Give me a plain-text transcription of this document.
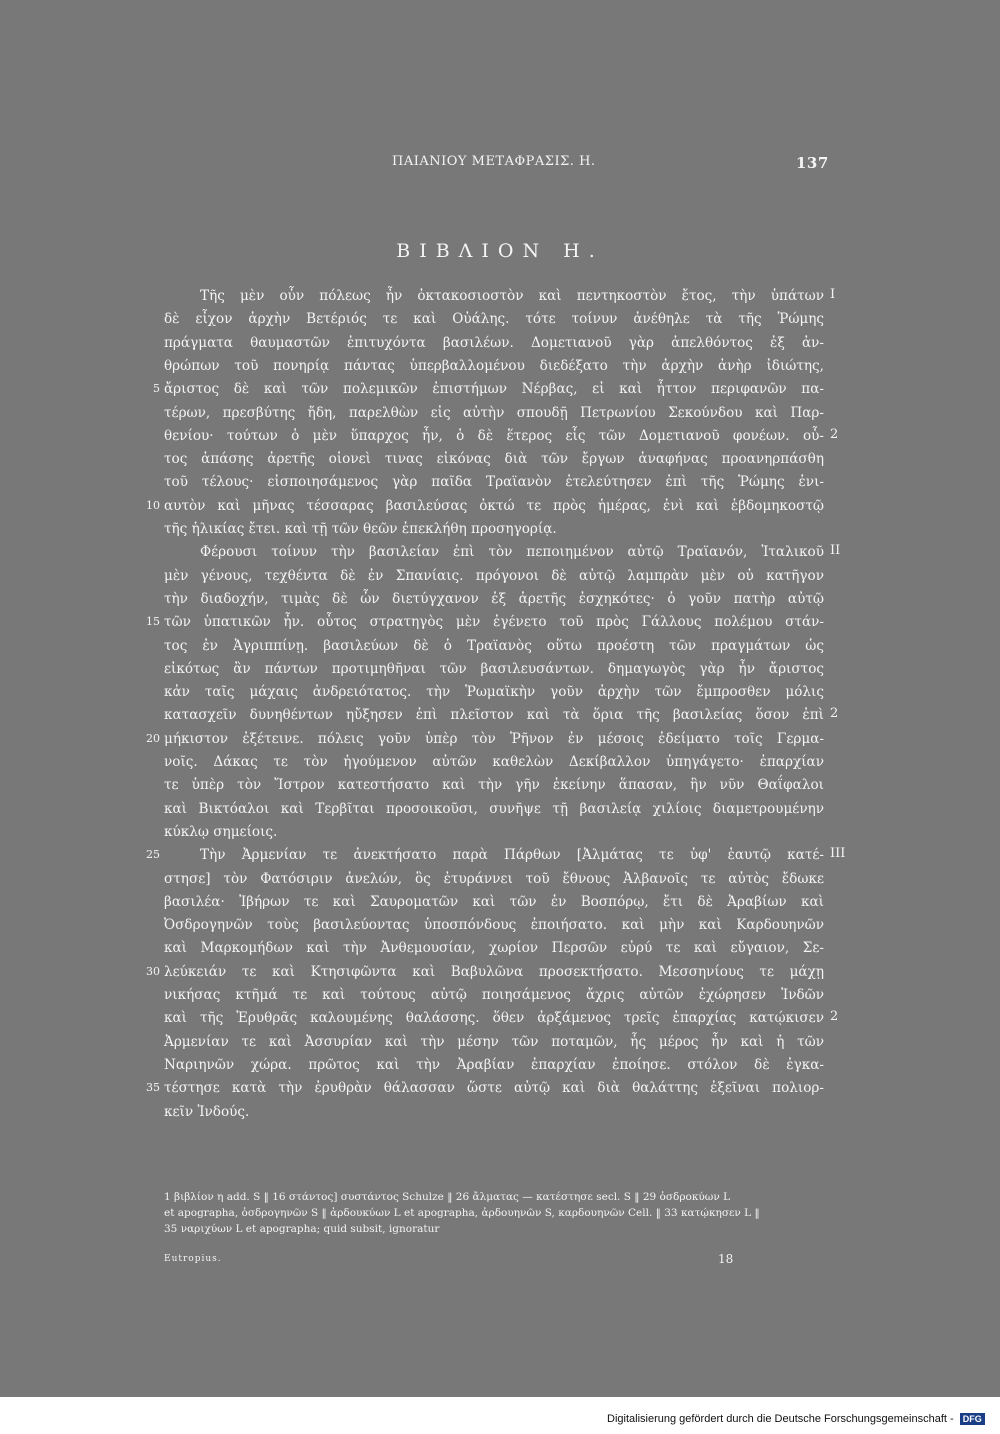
ΠΑΙΑΝΙΟΥ ΜΕΤΑΦΡΑΣΙΣ. Η.	137
ΒΙΒΛΙΟΝ Η.
Τῆς μὲν οὖν πόλεως ἦν ὀκτακοσιοστὸν καὶ πεντηκοστὸν ἔτος, τὴν ὑπάτων
δὲ εἶχον ἀρχὴν Βετέριός τε καὶ Οὐάλης. τότε τοίνυν ἀνέθηλε τὰ τῆς Ῥώμης
πράγματα θαυμαστῶν ἐπιτυχόντα βασιλέων. Δομετιανοῦ γὰρ ἀπελθόντος ἐξ ἀν-
θρώπων τοῦ πονηρίᾳ πάντας ὑπερβαλλομένου διεδέξατο τὴν ἀρχὴν ἀνὴρ ἰδιώτης,
ἄριστος δὲ καὶ τῶν πολεμικῶν ἐπιστήμων Νέρβας, εἰ καὶ ἧττον περιφανῶν πα-
τέρων, πρεσβύτης ἤδη, παρελθὼν εἰς αὐτὴν σπουδῇ Πετρωνίου Σεκούνδου καὶ Παρ-
θενίου· τούτων ὁ μὲν ὕπαρχος ἦν, ὁ δὲ ἕτερος εἷς τῶν Δομετιανοῦ φονέων. οὗ-
τος ἁπάσης ἀρετῆς οἱονεὶ τινας εἰκόνας διὰ τῶν ἔργων ἀναφήνας προανηρπάσθη
τοῦ τέλους· εἰσποιησάμενος γὰρ παῖδα Τραϊανὸν ἐτελεύτησεν ἐπὶ τῆς Ῥώμης ἐνι-
αυτὸν καὶ μῆνας τέσσαρας βασιλεύσας ὀκτώ τε πρὸς ἡμέρας, ἐνὶ καὶ ἑβδομηκοστῷ
τῆς ἡλικίας ἔτει. καὶ τῇ τῶν θεῶν ἐπεκλήθη προσηγορίᾳ.
Φέρουσι τοίνυν τὴν βασιλείαν ἐπὶ τὸν πεποιημένον αὐτῷ Τραϊανόν, Ἰταλικοῦ
μὲν γένους, τεχθέντα δὲ ἐν Σπανίαις. πρόγονοι δὲ αὐτῷ λαμπρὰν μὲν οὐ κατῆγον
τὴν διαδοχήν, τιμὰς δὲ ὧν διετύγχανον ἐξ ἀρετῆς ἐσχηκότες· ὁ γοῦν πατὴρ αὐτῷ
τῶν ὑπατικῶν ἦν. οὗτος στρατηγὸς μὲν ἐγένετο τοῦ πρὸς Γάλλους πολέμου στάν-
τος ἐν Ἀγριππίνῃ. βασιλεύων δὲ ὁ Τραϊανὸς οὕτω προέστη τῶν πραγμάτων ὡς
εἰκότως ἂν πάντων προτιμηθῆναι τῶν βασιλευσάντων. δημαγωγὸς γὰρ ἦν ἄριστος
κἀν ταῖς μάχαις ἀνδρειότατος. τὴν Ῥωμαϊκὴν γοῦν ἀρχὴν τῶν ἔμπροσθεν μόλις
κατασχεῖν δυνηθέντων ηὔξησεν ἐπὶ πλεῖστον καὶ τὰ ὅρια τῆς βασιλείας ὅσον ἐπὶ
μήκιστον ἐξέτεινε. πόλεις γοῦν ὑπὲρ τὸν Ῥῆνον ἐν μέσοις ἐδείματο τοῖς Γερμα-
νοῖς. Δάκας τε τὸν ἡγούμενον αὐτῶν καθελὼν Δεκίβαλλον ὑπηγάγετο· ἐπαρχίαν
τε ὑπὲρ τὸν Ἴστρον κατεστήσατο καὶ τὴν γῆν ἐκείνην ἅπασαν, ἣν νῦν Θαΐφαλοι
καὶ Βικτόαλοι καὶ Τερβῖται προσοικοῦσι, συνῆψε τῇ βασιλείᾳ χιλίοις διαμετρουμένην
κύκλῳ σημείοις.
Τὴν Ἀρμενίαν τε ἀνεκτήσατο παρὰ Πάρθων [Ἀλμάτας τε ὑφ' ἑαυτῷ κατέ-
στησε] τὸν Φατόσιριν ἀνελών, ὃς ἐτυράννει τοῦ ἔθνους Ἀλβανοῖς τε αὐτὸς ἔδωκε
βασιλέα· Ἰβήρων τε καὶ Σαυροματῶν καὶ τῶν ἐν Βοσπόρῳ, ἔτι δὲ Ἀραβίων καὶ
Ὀσδρογηνῶν τοὺς βασιλεύοντας ὑποσπόνδους ἐποιήσατο. καὶ μὴν καὶ Καρδουηνῶν
καὶ Μαρκομήδων καὶ τὴν Ἀνθεμουσίαν, χωρίον Περσῶν εὐρύ τε καὶ εὔγαιον, Σε-
λεύκειάν τε καὶ Κτησιφῶντα καὶ Βαβυλῶνα προσεκτήσατο. Μεσσηνίους τε μάχῃ
νικήσας κτῆμά τε καὶ τούτους αὐτῷ ποιησάμενος ἄχρις αὐτῶν ἐχώρησεν Ἰνδῶν
καὶ τῆς Ἐρυθρᾶς καλουμένης θαλάσσης. ὅθεν ἀρξάμενος τρεῖς ἐπαρχίας κατῴκισεν
Ἀρμενίαν τε καὶ Ἀσσυρίαν καὶ τὴν μέσην τῶν ποταμῶν, ἧς μέρος ἦν καὶ ἡ τῶν
Ναριηνῶν χώρα. πρῶτος καὶ τὴν Ἀραβίαν ἐπαρχίαν ἐποίησε. στόλον δὲ ἐγκα-
τέστησε κατὰ τὴν ἐρυθρὰν θάλασσαν ὥστε αὐτῷ καὶ διὰ θαλάττης ἐξεῖναι πολιορ-
κεῖν Ἰνδούς.
5
10
15
20
25
30
35
I
2
II
2
III
2
1 βιβλίον η add. S ‖ 16 στάντος] συστάντος Schulze ‖ 26 ἄλματας — κατέστησε secl. S ‖ 29 ὀσδροκύων L
et apographa, ὀσδρογηνῶν S ‖ ἀρδουκύων L et apographa, ἀρδουηνῶν S, καρδουηνῶν Cell. ‖ 33 κατῴκησεν L ‖
35 ναριχύων L et apographa; quid subsit, ignoratur
Eutropius.	18
Digitalisierung gefördert durch die Deutsche Forschungsgemeinschaft - DFG
